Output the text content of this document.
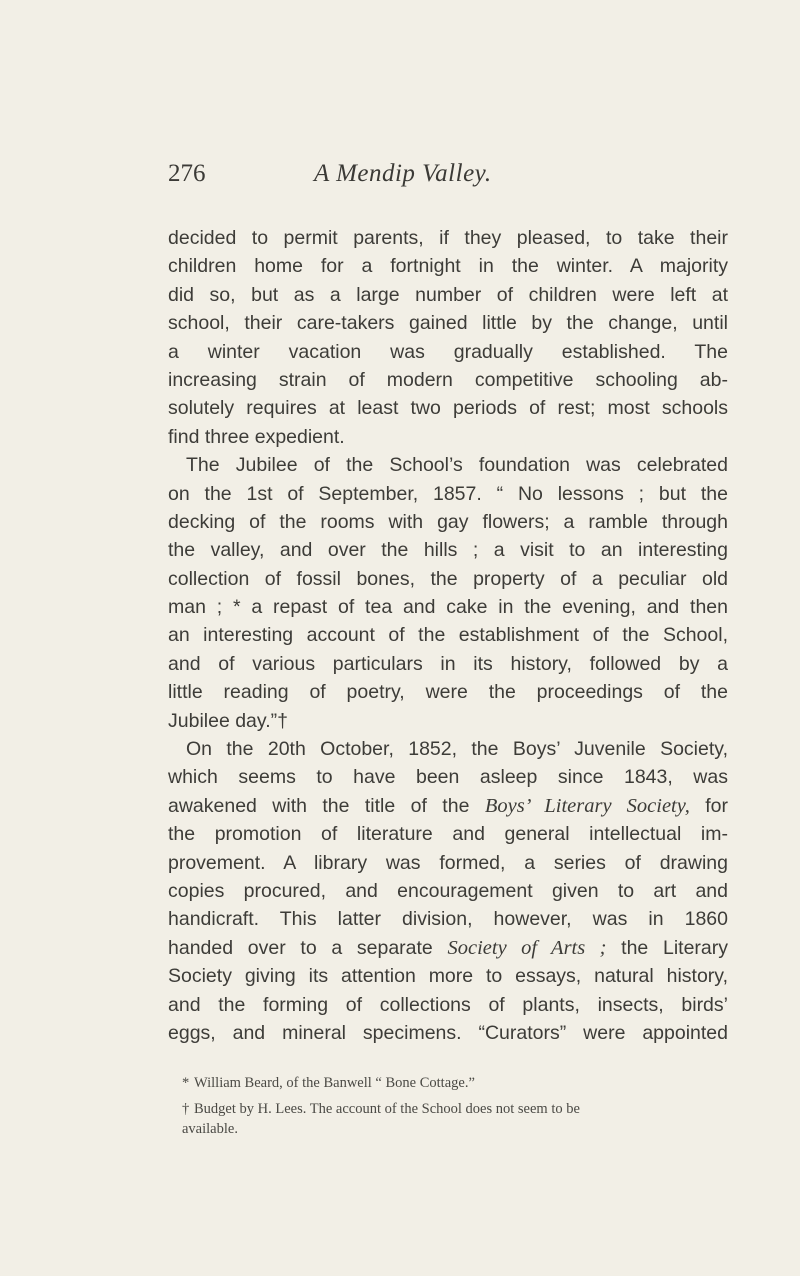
276	A Mendip Valley.
decided to permit parents, if they pleased, to take their
children home for a fortnight in the winter. A majority
did so, but as a large number of children were left at
school, their care-takers gained little by the change, until
a winter vacation was gradually established. The
increasing strain of modern competitive schooling ab-
solutely requires at least two periods of rest; most schools
find three expedient.
The Jubilee of the School’s foundation was celebrated
on the 1st of September, 1857. “ No lessons ; but the
decking of the rooms with gay flowers; a ramble through
the valley, and over the hills ; a visit to an interesting
collection of fossil bones, the property of a peculiar old
man ; * a repast of tea and cake in the evening, and then
an interesting account of the establishment of the School,
and of various particulars in its history, followed by a
little reading of poetry, were the proceedings of the
Jubilee day.”†
On the 20th October, 1852, the Boys’ Juvenile Society,
which seems to have been asleep since 1843, was
awakened with the title of the Boys’ Literary Society, for
the promotion of literature and general intellectual im-
provement. A library was formed, a series of drawing
copies procured, and encouragement given to art and
handicraft. This latter division, however, was in 1860
handed over to a separate Society of Arts ; the Literary
Society giving its attention more to essays, natural history,
and the forming of collections of plants, insects, birds’
eggs, and mineral specimens. “Curators” were appointed
* William Beard, of the Banwell “ Bone Cottage.”
† Budget by H. Lees. The account of the School does not seem to be
available.
